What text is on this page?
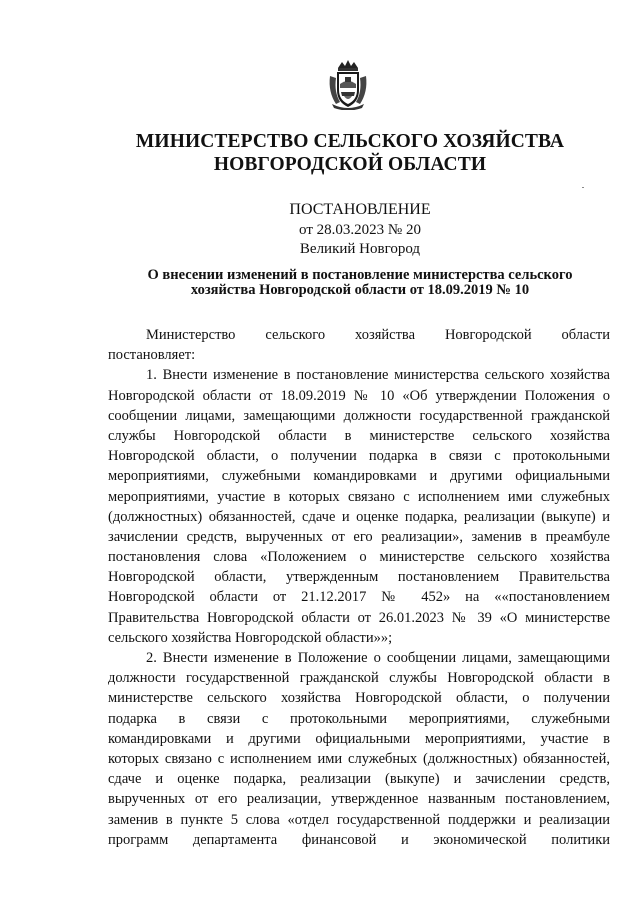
МИНИСТЕРСТВО СЕЛЬСКОГО ХОЗЯЙСТВА
НОВГОРОДСКОЙ ОБЛАСТИ
ПОСТАНОВЛЕНИЕ
от 28.03.2023 № 20
Великий Новгород
О внесении изменений в постановление министерства сельского
хозяйства Новгородской области от 18.09.2019 № 10
Министерство сельского хозяйства Новгородской области
постановляет:
1. Внести изменение в постановление министерства сельского хозяйства
Новгородской области от 18.09.2019 № 10 «Об утверждении Положения о
сообщении лицами, замещающими должности государственной гражданской
службы Новгородской области в министерстве сельского хозяйства
Новгородской области, о получении подарка в связи с протокольными
мероприятиями, служебными командировками и другими официальными
мероприятиями, участие в которых связано с исполнением ими служебных
(должностных) обязанностей, сдаче и оценке подарка, реализации (выкупе) и
зачислении средств, вырученных от его реализации», заменив в преамбуле
постановления слова «Положением о министерстве сельского хозяйства
Новгородской области, утвержденным постановлением Правительства
Новгородской области от 21.12.2017 № 452» на ««постановлением
Правительства Новгородской области от 26.01.2023 № 39 «О министерстве
сельского хозяйства Новгородской области»»;
2. Внести изменение в Положение о сообщении лицами, замещающими
должности государственной гражданской службы Новгородской области в
министерстве сельского хозяйства Новгородской области, о получении
подарка в связи с протокольными мероприятиями, служебными
командировками и другими официальными мероприятиями, участие в
которых связано с исполнением ими служебных (должностных) обязанностей,
сдаче и оценке подарка, реализации (выкупе) и зачислении средств,
вырученных от его реализации, утвержденное названным постановлением,
заменив в пункте 5 слова «отдел государственной поддержки и реализации
программ департамента финансовой и экономической политики
